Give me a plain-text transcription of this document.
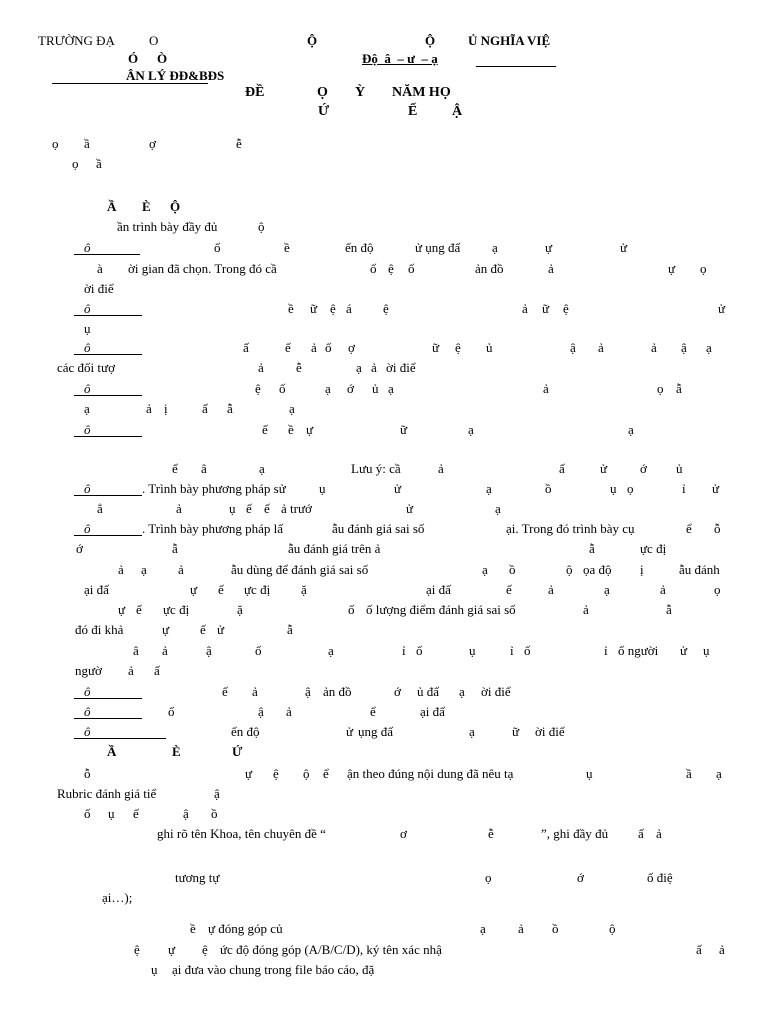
TRƯỜNG ĐẠ	O	Ộ	Ộ	Ủ NGHĨA VIỆ
Ó Ò	Độ  â  – ư  – ạ
ÂN LÝ ĐĐ&BĐS
ĐỀ	Ọ Ỳ NĂM HỌ
Ứ	Ế Ậ
ọ ầ	ợ	ễ
ọ ầ
Ầ È Ộ
ần trình bày đầy đủ	ộ
ô	ố	ề	ến độ	ử ụng đấ ạ	ự	ử
à ời gian đã chọn. Trong đó cầ	ố ệ ố	ản đồ	ả	ự ọ
ời điể
ô	ề ữ ệ á ệ	ả ữ ệ	ử
ụ
ô	ấ	ế ả ố ợ	ữ ệ ủ	ậ ả	ả ậ ạ
các đối tượ	ả ễ	ạ ả ời điể
ô	ệ ố	ạ ớ ủ ạ	ả	ọ ẫ
ạ	ả ị	ấ ẫ	ạ
ô	ế ề ự	ữ	ạ	ạ
ế â	ạ	Lưu ý: cầ	ả	ấ	ử	ớ ủ
ô	. Trình bày phương pháp sử	ụ	ử	ạ	ồ	ụ ọ	ỉ ử
ẳ	ả	ụ ế ế ả trướ	ử	ạ
ô	. Trình bày phương pháp lấ	ẫu đánh giá sai số	ại. Trong đó trình bày cụ	ể ỗ
ớ	ẫ	ẫu đánh giá trên ả	ẫ	ực đị
ả ạ ả	ẫu dùng để đánh giá sai số	ạ ồ	ộ ọa độ ị	ẫu đánh
ại đấ	ự ế ực đị ặ	ại đấ	ế	ả	ạ	ả	ọ
ự ế ực đị	ặ	ố ố lượng điểm đánh giá sai số	ả	ẫ
đó đi khả	ự ế ử	ẫ
â ả	ậ	ố	ạ	ỉ ố	ụ	ỉ ố	ỉ ố người ử ụ
ngườ ả ấ
ô	ế ả	ậ ản đồ	ớ ủ đấ ạ ời điể
ô	ố	ậ ả	ể	ại đấ
ô	ến độ	ử ụng đấ	ạ	ữ ời điể
Ầ	È	Ứ
ỗ	ự ệ ộ ể ận theo đúng nội dung đã nêu tạ	ụ	ầ ạ
Rubric đánh giá tiể	ậ
ố ụ ế	ậ ồ
ghi rõ tên Khoa, tên chuyên đề “	ơ	ễ	”, ghi đầy đủ ấ ả
tương tự	ọ	ớ	ố điệ
ại…);
ề ự đóng góp củ	ạ ả ồ	ộ
ệ ự ệ ức độ đóng góp (A/B/C/D), ký tên xác nhậ	ấ ả
ụ ại đưa vào chung trong file báo cáo, đặ
